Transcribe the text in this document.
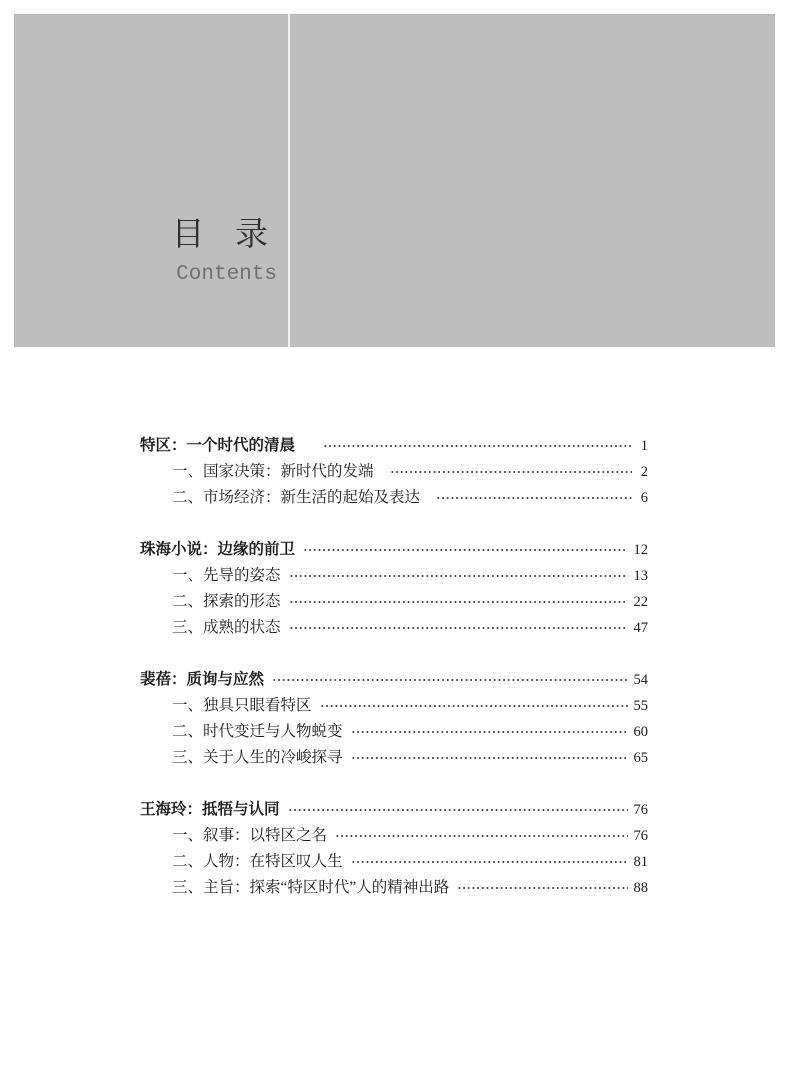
目 录
Contents
特区：一个时代的清晨	1
一、国家决策：新时代的发端	2
二、市场经济：新生活的起始及表达	6
珠海小说：边缘的前卫	12
一、先导的姿态	13
二、探索的形态	22
三、成熟的状态	47
裴蓓：质询与应然	54
一、独具只眼看特区	55
二、时代变迁与人物蜕变	60
三、关于人生的冷峻探寻	65
王海玲：抵牾与认同	76
一、叙事：以特区之名	76
二、人物：在特区叹人生	81
三、主旨：探索“特区时代”人的精神出路	88
